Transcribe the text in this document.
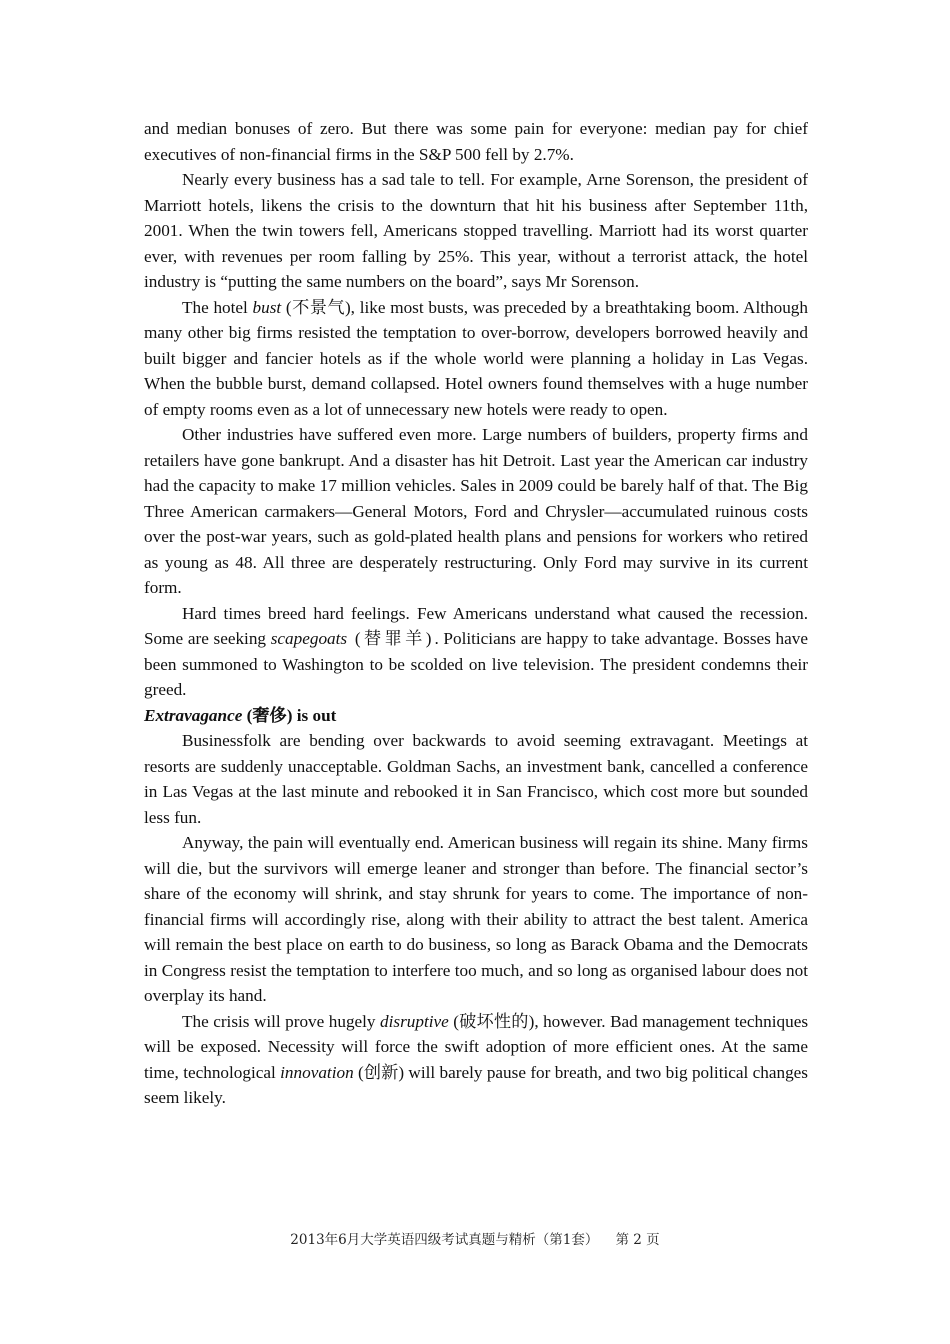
and median bonuses of zero. But there was some pain for everyone: median pay for chief executives of non-financial firms in the S&P 500 fell by 2.7%.

Nearly every business has a sad tale to tell. For example, Arne Sorenson, the president of Marriott hotels, likens the crisis to the downturn that hit his business after September 11th, 2001. When the twin towers fell, Americans stopped travelling. Marriott had its worst quarter ever, with revenues per room falling by 25%. This year, without a terrorist attack, the hotel industry is “putting the same numbers on the board”, says Mr Sorenson.

The hotel bust (不景气), like most busts, was preceded by a breathtaking boom. Although many other big firms resisted the temptation to over-borrow, developers borrowed heavily and built bigger and fancier hotels as if the whole world were planning a holiday in Las Vegas. When the bubble burst, demand collapsed. Hotel owners found themselves with a huge number of empty rooms even as a lot of unnecessary new hotels were ready to open.

Other industries have suffered even more. Large numbers of builders, property firms and retailers have gone bankrupt. And a disaster has hit Detroit. Last year the American car industry had the capacity to make 17 million vehicles. Sales in 2009 could be barely half of that. The Big Three American carmakers—General Motors, Ford and Chrysler—accumulated ruinous costs over the post-war years, such as gold-plated health plans and pensions for workers who retired as young as 48. All three are desperately restructuring. Only Ford may survive in its current form.

Hard times breed hard feelings. Few Americans understand what caused the recession. Some are seeking scapegoats (替罪羊). Politicians are happy to take advantage. Bosses have been summoned to Washington to be scolded on live television. The president condemns their greed.

Extravagance (奢侈) is out

Businessfolk are bending over backwards to avoid seeming extravagant. Meetings at resorts are suddenly unacceptable. Goldman Sachs, an investment bank, cancelled a conference in Las Vegas at the last minute and rebooked it in San Francisco, which cost more but sounded less fun.

Anyway, the pain will eventually end. American business will regain its shine. Many firms will die, but the survivors will emerge leaner and stronger than before. The financial sector’s share of the economy will shrink, and stay shrunk for years to come. The importance of non-financial firms will accordingly rise, along with their ability to attract the best talent. America will remain the best place on earth to do business, so long as Barack Obama and the Democrats in Congress resist the temptation to interfere too much, and so long as organised labour does not overplay its hand.

The crisis will prove hugely disruptive (破坏性的), however. Bad management techniques will be exposed. Necessity will force the swift adoption of more efficient ones. At the same time, technological innovation (创新) will barely pause for breath, and two big political changes seem likely.

2013年6月大学英语四级考试真题与精析（第1套） 第 2 页
